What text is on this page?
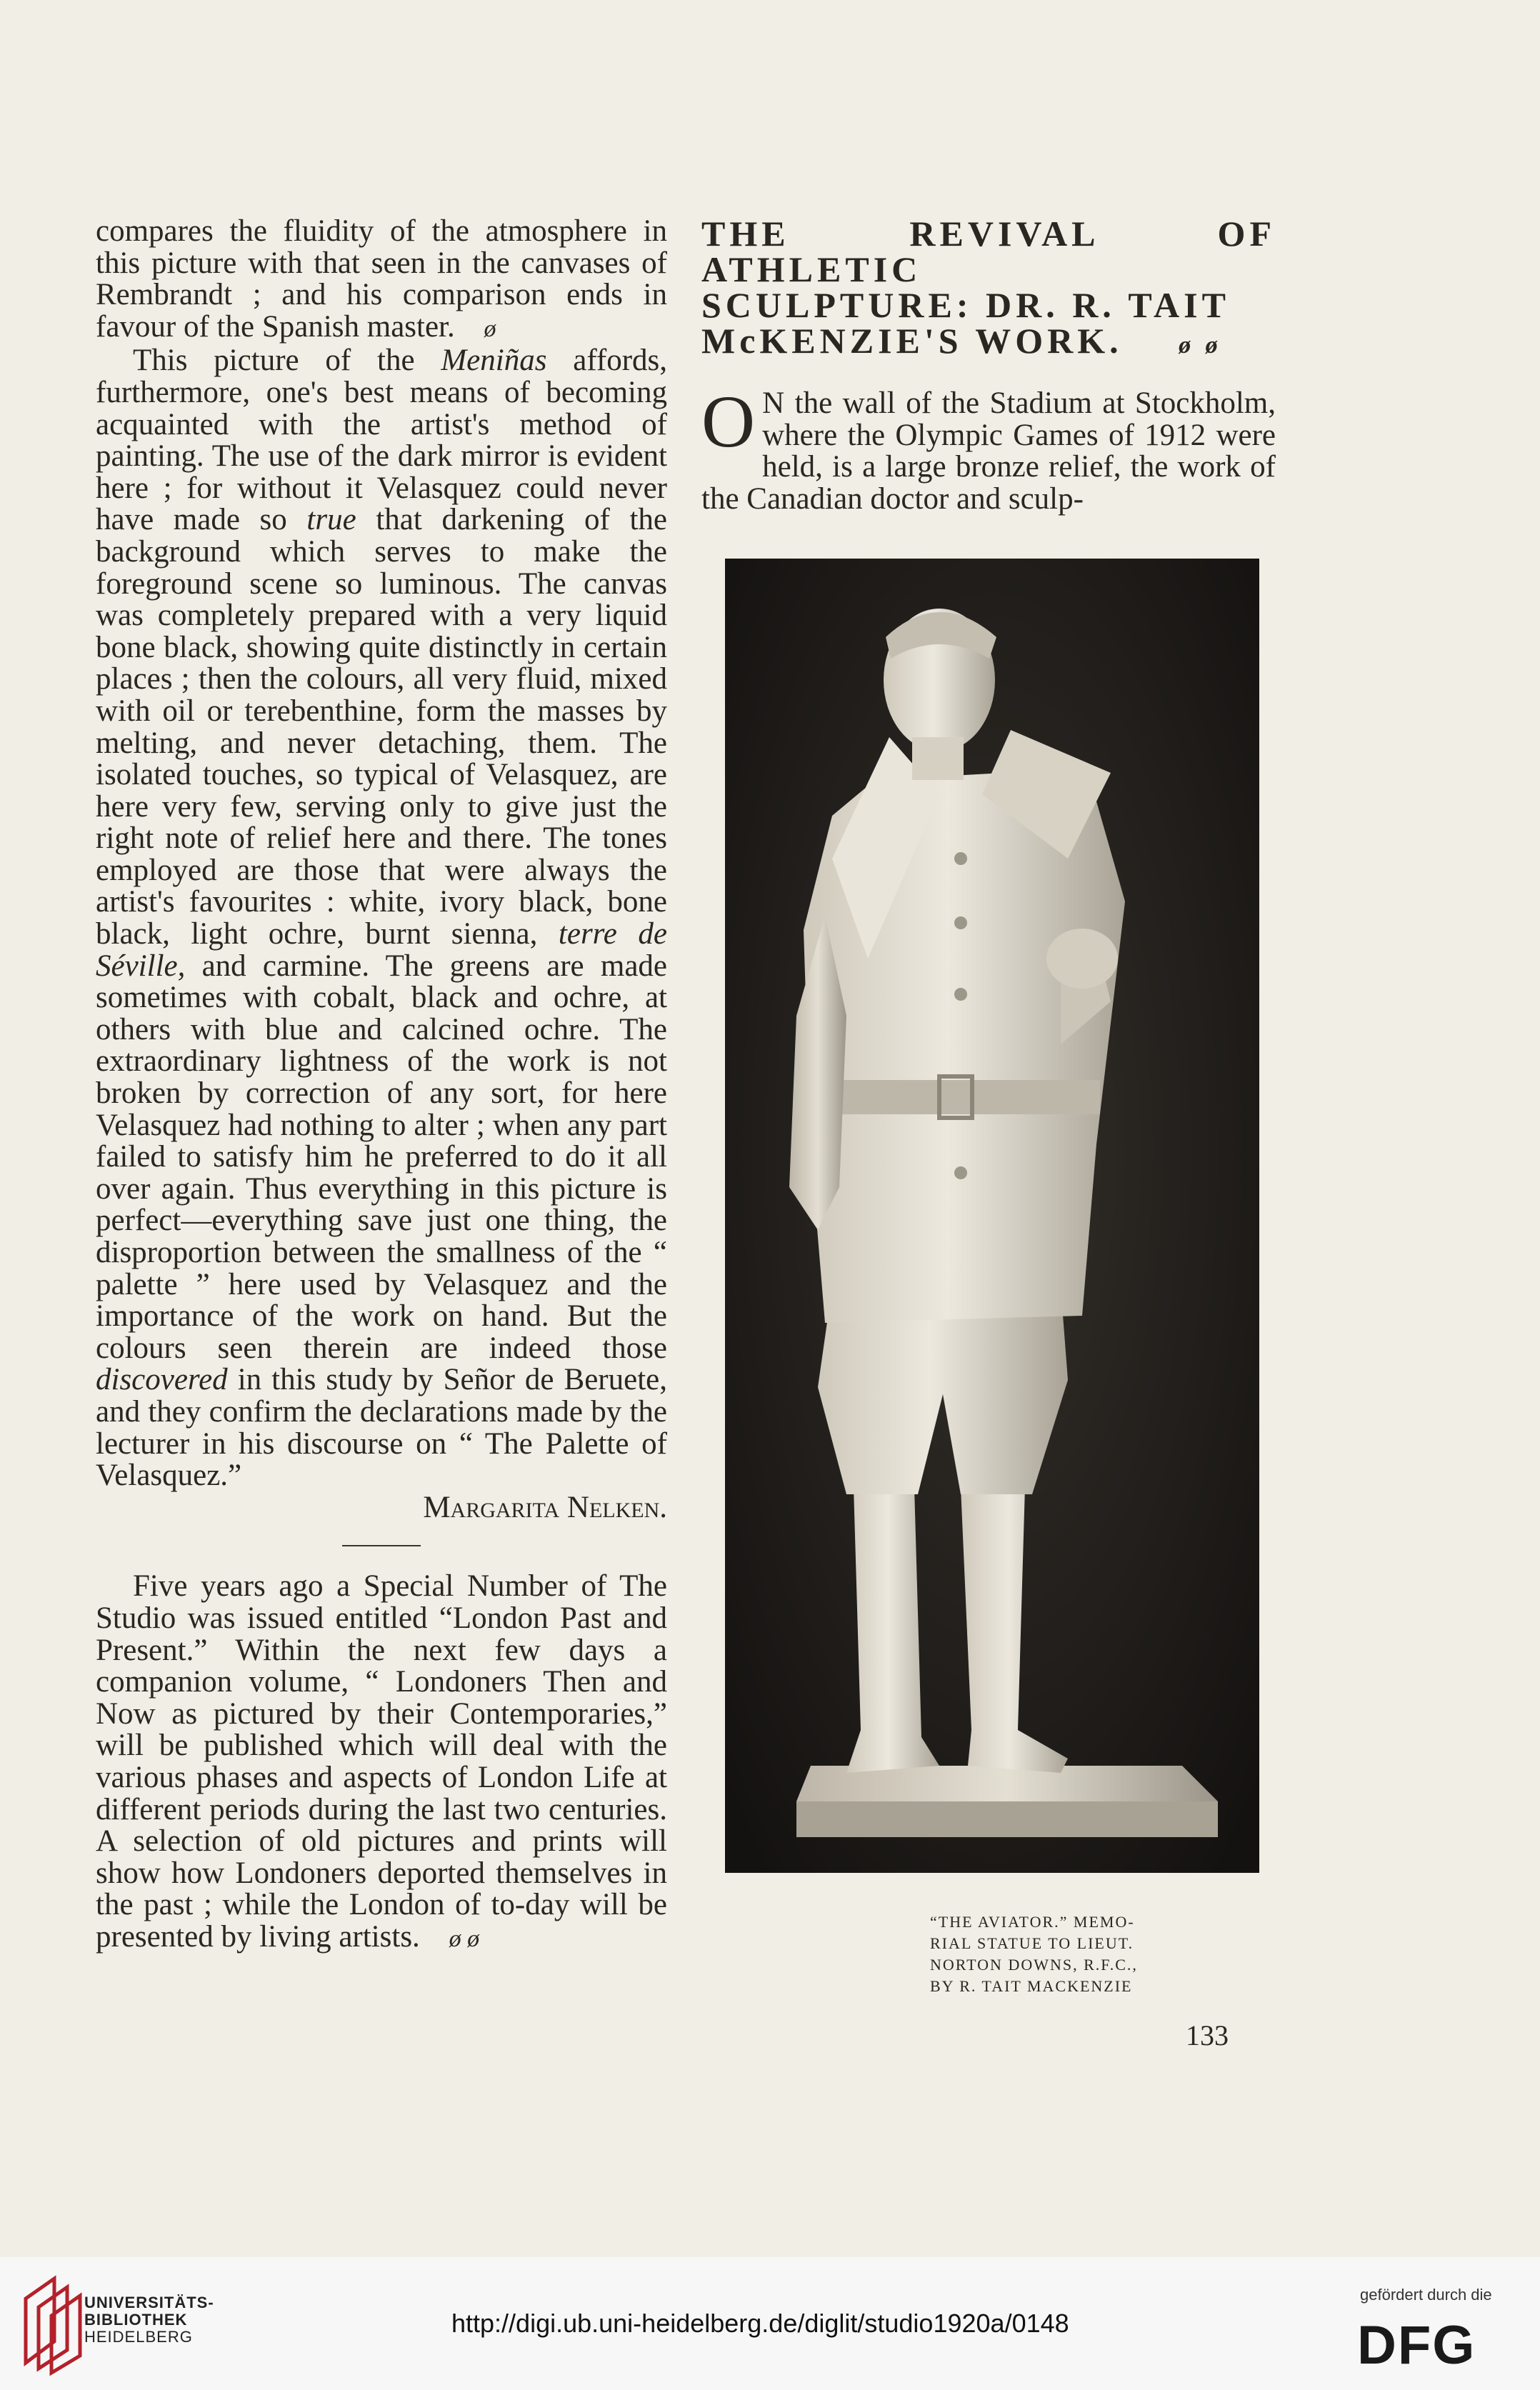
compares the fluidity of the atmosphere in this picture with that seen in the canvases of Rembrandt ; and his comparison ends in favour of the Spanish master. ø

This picture of the Meniñas affords, furthermore, one's best means of becoming acquainted with the artist's method of painting. The use of the dark mirror is evident here ; for without it Velasquez could never have made so true that darkening of the background which serves to make the foreground scene so luminous. The canvas was completely prepared with a very liquid bone black, showing quite distinctly in certain places ; then the colours, all very fluid, mixed with oil or terebenthine, form the masses by melting, and never detaching, them. The isolated touches, so typical of Velasquez, are here very few, serving only to give just the right note of relief here and there. The tones employed are those that were always the artist's favourites : white, ivory black, bone black, light ochre, burnt sienna, terre de Séville, and carmine. The greens are made sometimes with cobalt, black and ochre, at others with blue and calcined ochre. The extraordinary lightness of the work is not broken by correction of any sort, for here Velasquez had nothing to alter ; when any part failed to satisfy him he preferred to do it all over again. Thus everything in this picture is perfect—everything save just one thing, the disproportion between the smallness of the “ palette ” here used by Velasquez and the importance of the work on hand. But the colours seen therein are indeed those discovered in this study by Señor de Beruete, and they confirm the declarations made by the lecturer in his discourse on “ The Palette of Velasquez.”

Margarita Nelken.

Five years ago a Special Number of The Studio was issued entitled “London Past and Present.” Within the next few days a companion volume, “ Londoners Then and Now as pictured by their Contemporaries,” will be published which will deal with the various phases and aspects of London Life at different periods during the last two centuries. A selection of old pictures and prints will show how Londoners deported themselves in the past ; while the London of to-day will be presented by living artists. ø ø

THE REVIVAL OF ATHLETIC
SCULPTURE: DR. R. TAIT
McKENZIE'S WORK. ø ø

O N the wall of the Stadium at Stockholm, where the Olympic Games of 1912 were held, is a large bronze relief, the work of the Canadian doctor and sculp-

“THE AVIATOR.” MEMO-
RIAL STATUE TO LIEUT.
NORTON DOWNS, R.F.C.,
BY R. TAIT MACKENZIE
133
UNIVERSITÄTS-
BIBLIOTHEK
HEIDELBERG	http://digi.ub.uni-heidelberg.de/diglit/studio1920a/0148
gefördert durch die
DFG
